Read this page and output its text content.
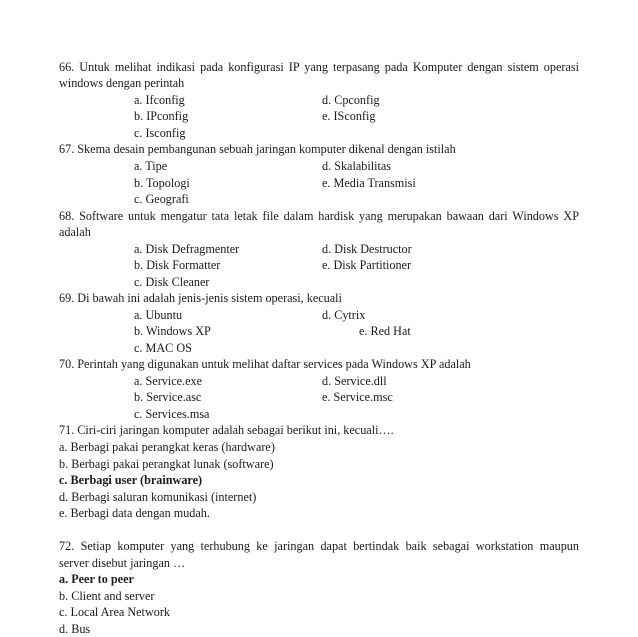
66. Untuk melihat indikasi pada konfigurasi IP yang terpasang pada Komputer dengan sistem operasi
windows dengan perintah
a. Ifconfig	d. Cpconfig
b. IPconfig	e. ISconfig
c. Isconfig
67. Skema desain pembangunan sebuah jaringan komputer dikenal dengan istilah
a. Tipe	d. Skalabilitas
b. Topologi	e. Media Transmisi
c. Geografi
68. Software untuk mengatur tata letak file dalam hardisk yang merupakan bawaan dari Windows XP
adalah
a. Disk Defragmenter	d. Disk Destructor
b. Disk Formatter	e. Disk Partitioner
c. Disk Cleaner
69. Di bawah ini adalah jenis-jenis sistem operasi, kecuali
a. Ubuntu	d. Cytrix
b. Windows XP	e. Red Hat
c. MAC OS
70. Perintah yang digunakan untuk melihat daftar services pada Windows XP adalah
a. Service.exe	d. Service.dll
b. Service.asc	e. Service.msc
c. Services.msa
71. Ciri-ciri jaringan komputer adalah sebagai berikut ini, kecuali….
a. Berbagi pakai perangkat keras (hardware)
b. Berbagi pakai perangkat lunak (software)
c. Berbagi user (brainware)
d. Berbagi saluran komunikasi (internet)
e. Berbagi data dengan mudah.
72. Setiap komputer yang terhubung ke jaringan dapat bertindak baik sebagai workstation maupun
server disebut jaringan …
a. Peer to peer
b. Client and server
c. Local Area Network
d. Bus
